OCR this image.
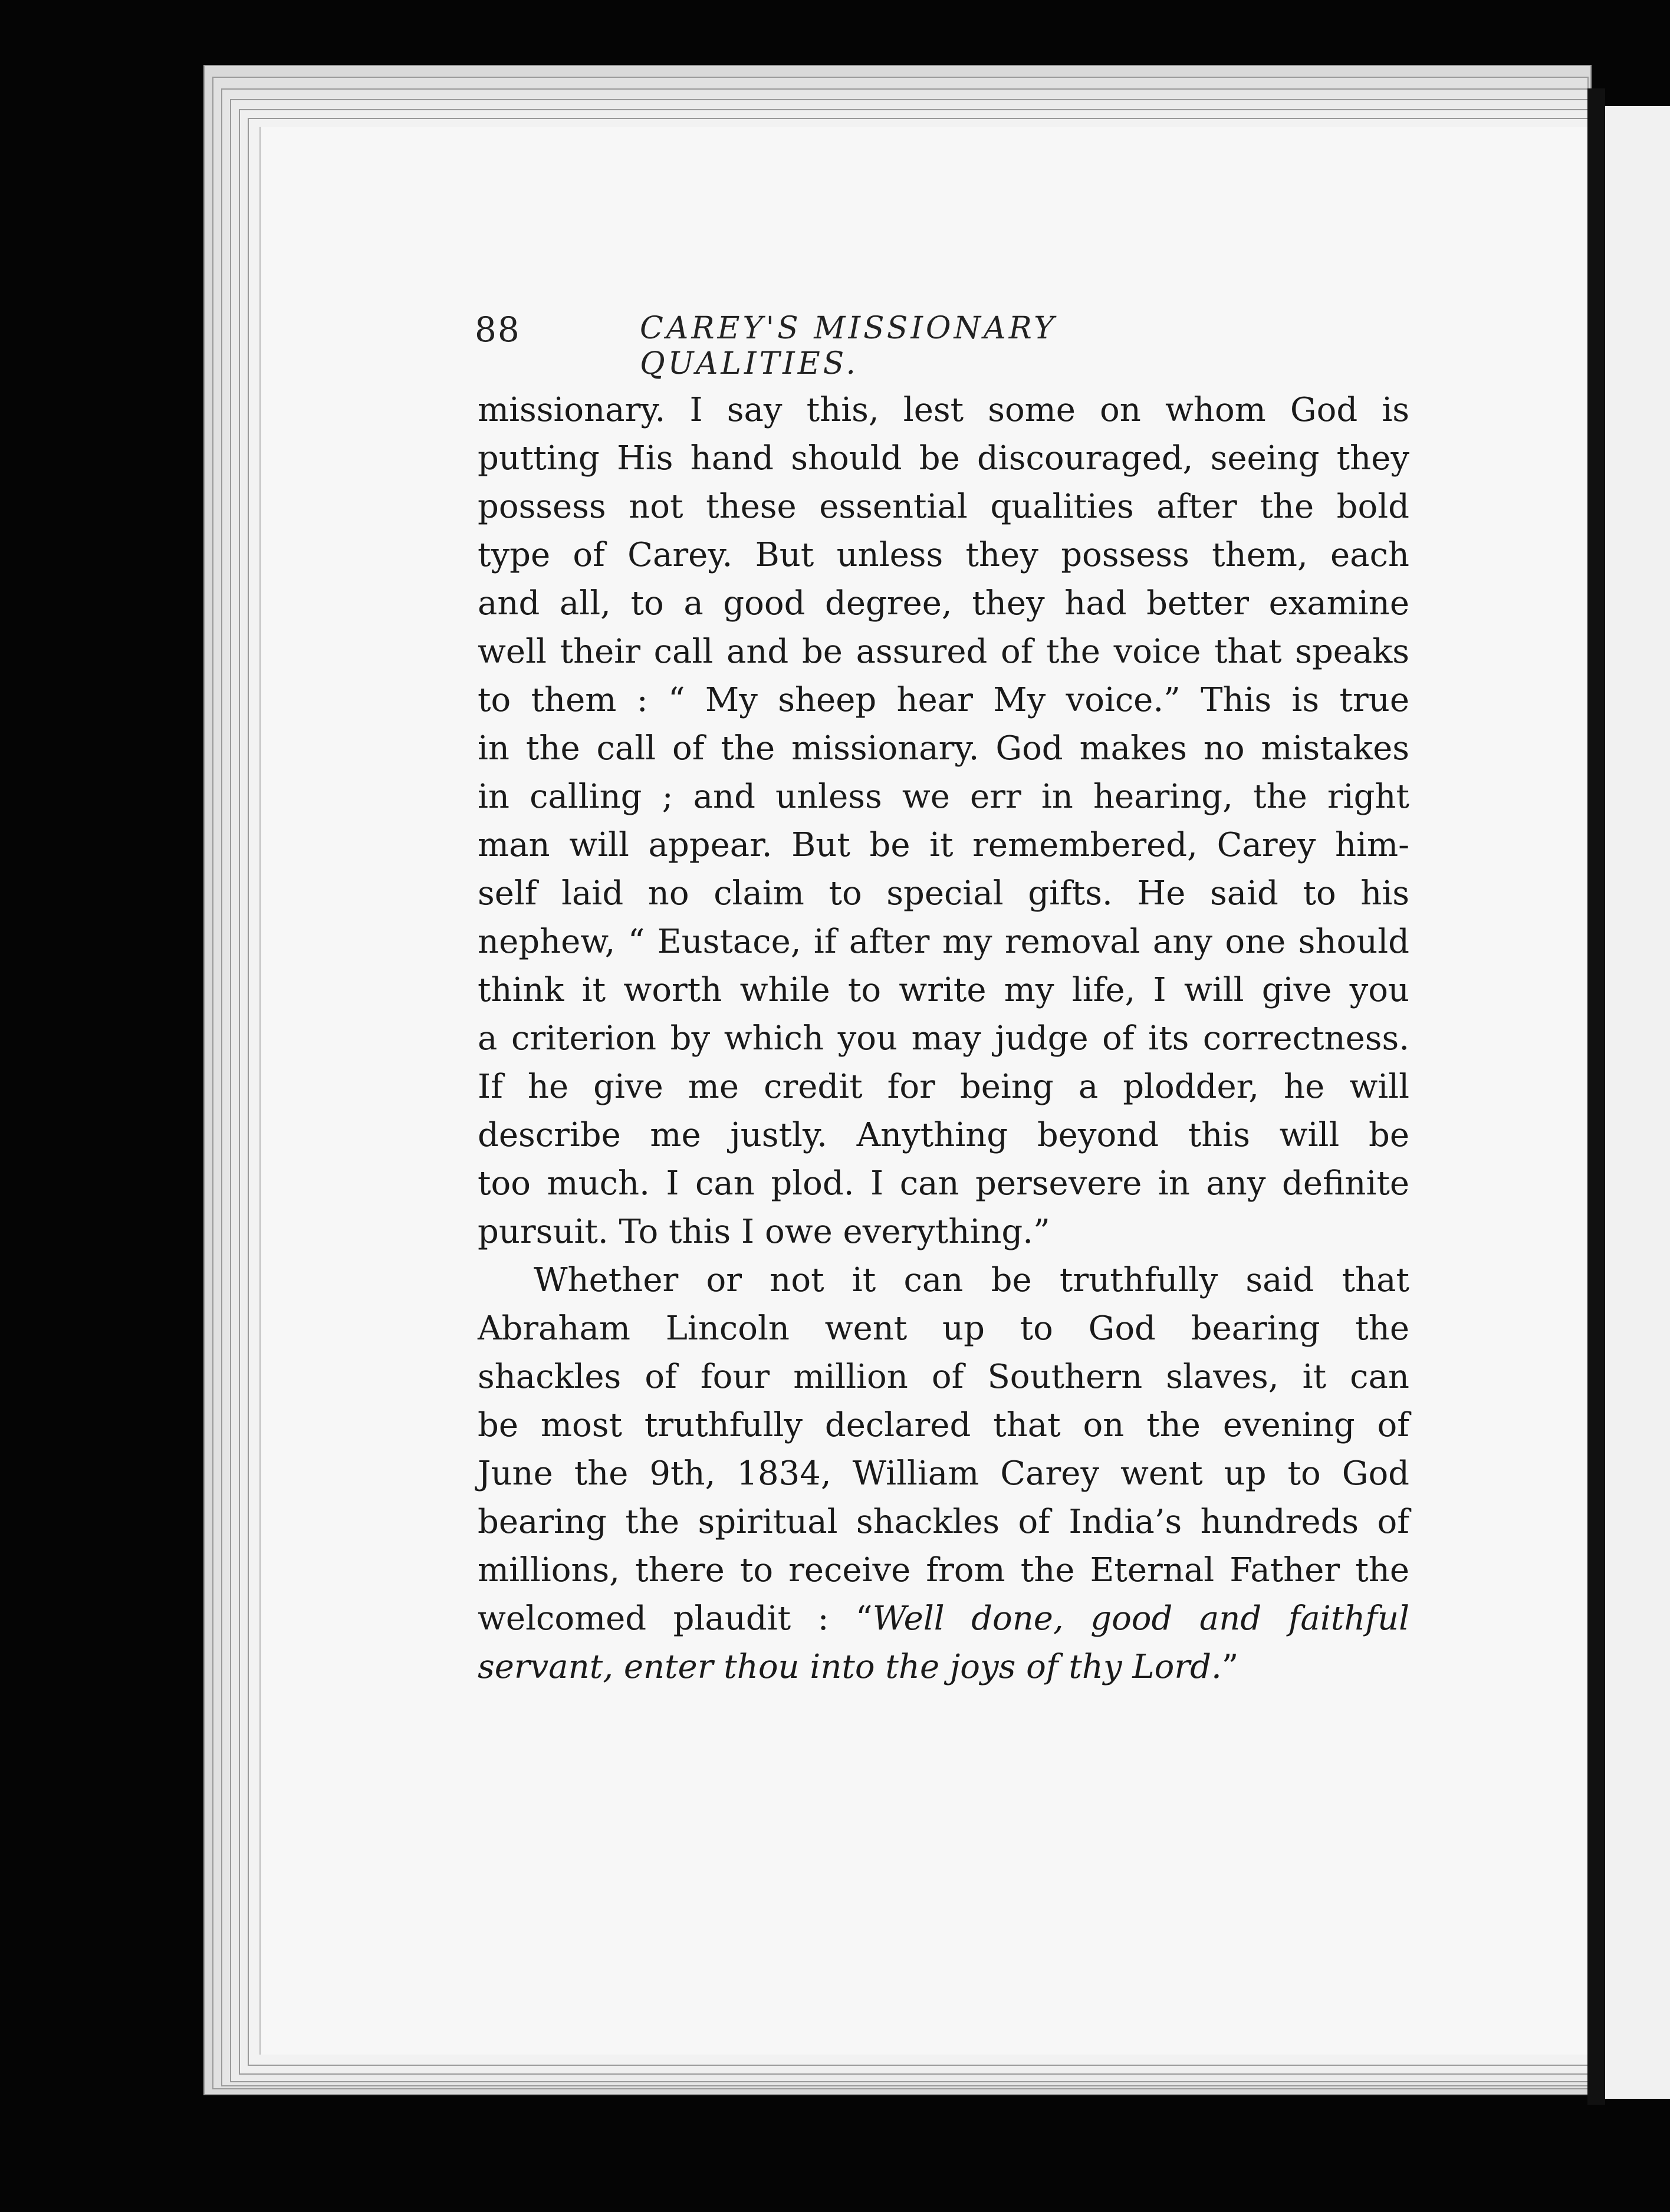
88	CAREY'S MISSIONARY QUALITIES.
missionary. I say this, lest some on whom God is
putting His hand should be discouraged, seeing they
possess not these essential qualities after the bold
type of Carey. But unless they possess them, each
and all, to a good degree, they had better examine
well their call and be assured of the voice that speaks
to them : “ My sheep hear My voice.” This is true
in the call of the missionary. God makes no mistakes
in calling ; and unless we err in hearing, the right
man will appear. But be it remembered, Carey him-
self laid no claim to special gifts. He said to his
nephew, “ Eustace, if after my removal any one should
think it worth while to write my life, I will give you
a criterion by which you may judge of its correctness.
If he give me credit for being a plodder, he will
describe me justly. Anything beyond this will be
too much. I can plod. I can persevere in any definite
pursuit. To this I owe everything.”
Whether or not it can be truthfully said that
Abraham Lincoln went up to God bearing the
shackles of four million of Southern slaves, it can
be most truthfully declared that on the evening of
June the 9th, 1834, William Carey went up to God
bearing the spiritual shackles of India’s hundreds of
millions, there to receive from the Eternal Father the
welcomed plaudit : “Well done, good and faithful
servant, enter thou into the joys of thy Lord.”
